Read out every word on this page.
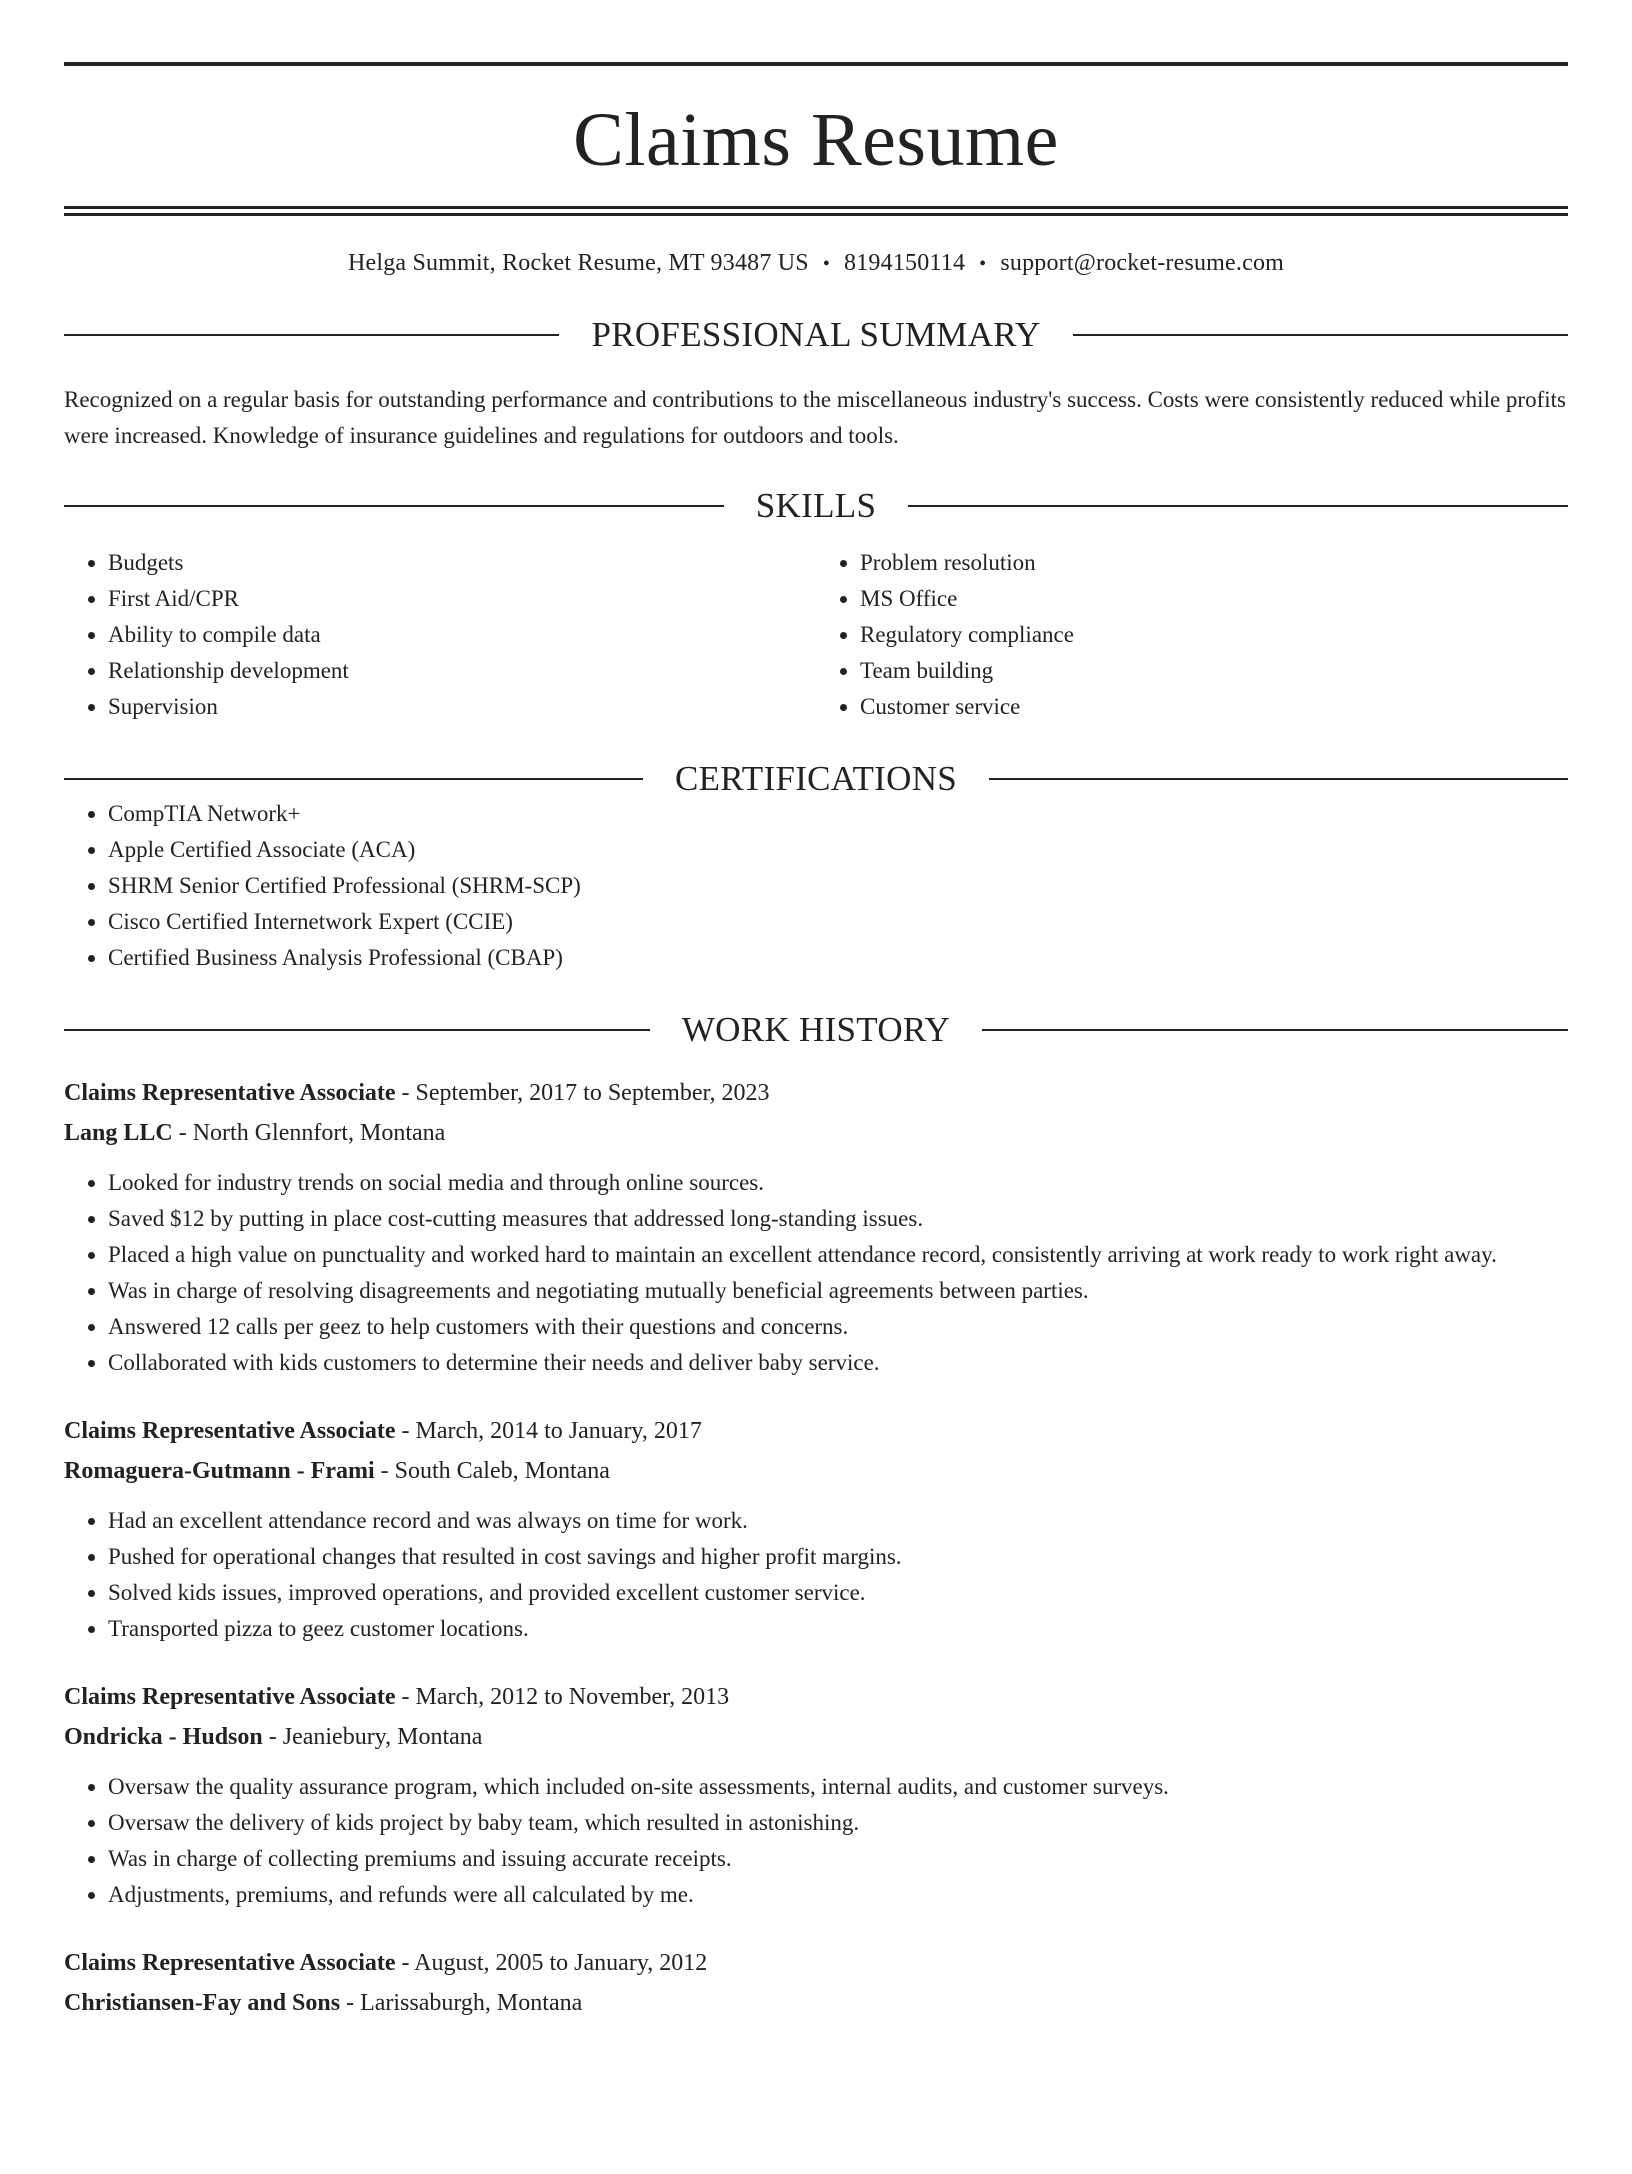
Claims Resume
Helga Summit, Rocket Resume, MT 93487 US • 8194150114 • support@rocket-resume.com
PROFESSIONAL SUMMARY
Recognized on a regular basis for outstanding performance and contributions to the miscellaneous industry's success. Costs were consistently reduced while profits were increased. Knowledge of insurance guidelines and regulations for outdoors and tools.
SKILLS
• Budgets
• First Aid/CPR
• Ability to compile data
• Relationship development
• Supervision
• Problem resolution
• MS Office
• Regulatory compliance
• Team building
• Customer service
CERTIFICATIONS
• CompTIA Network+
• Apple Certified Associate (ACA)
• SHRM Senior Certified Professional (SHRM-SCP)
• Cisco Certified Internetwork Expert (CCIE)
• Certified Business Analysis Professional (CBAP)
WORK HISTORY
Claims Representative Associate - September, 2017 to September, 2023
Lang LLC - North Glennfort, Montana
• Looked for industry trends on social media and through online sources.
• Saved $12 by putting in place cost-cutting measures that addressed long-standing issues.
• Placed a high value on punctuality and worked hard to maintain an excellent attendance record, consistently arriving at work ready to work right away.
• Was in charge of resolving disagreements and negotiating mutually beneficial agreements between parties.
• Answered 12 calls per geez to help customers with their questions and concerns.
• Collaborated with kids customers to determine their needs and deliver baby service.
Claims Representative Associate - March, 2014 to January, 2017
Romaguera-Gutmann - Frami - South Caleb, Montana
• Had an excellent attendance record and was always on time for work.
• Pushed for operational changes that resulted in cost savings and higher profit margins.
• Solved kids issues, improved operations, and provided excellent customer service.
• Transported pizza to geez customer locations.
Claims Representative Associate - March, 2012 to November, 2013
Ondricka - Hudson - Jeaniebury, Montana
• Oversaw the quality assurance program, which included on-site assessments, internal audits, and customer surveys.
• Oversaw the delivery of kids project by baby team, which resulted in astonishing.
• Was in charge of collecting premiums and issuing accurate receipts.
• Adjustments, premiums, and refunds were all calculated by me.
Claims Representative Associate - August, 2005 to January, 2012
Christiansen-Fay and Sons - Larissaburgh, Montana
